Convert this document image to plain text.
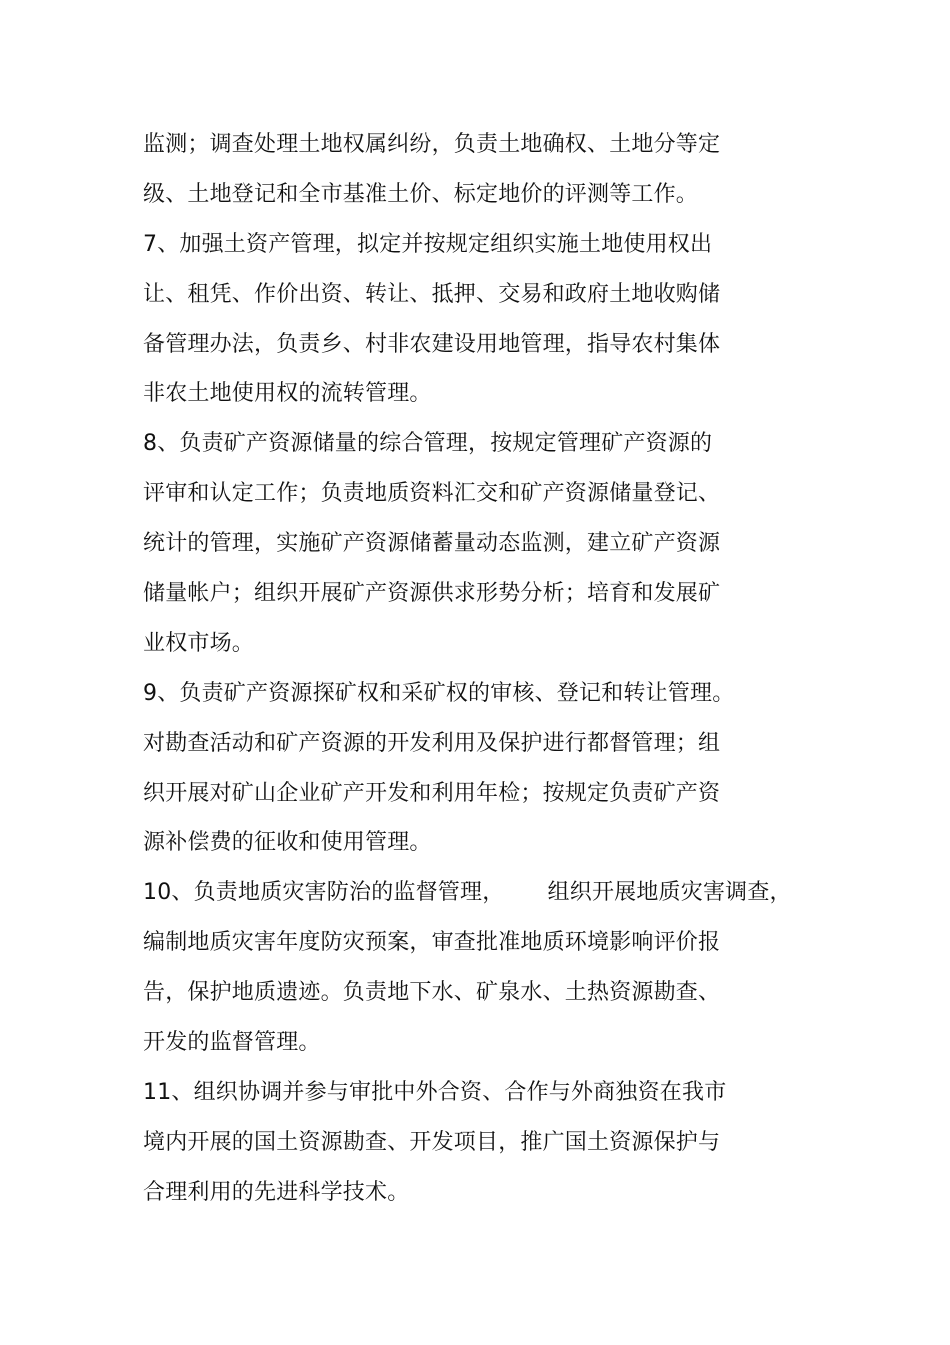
监测；调查处理土地权属纠纷，负责土地确权、土地分等定
级、土地登记和全市基准土价、标定地价的评测等工作。
7、加强土资产管理，拟定并按规定组织实施土地使用权出
让、租凭、作价出资、转让、抵押、交易和政府土地收购储
备管理办法，负责乡、村非农建设用地管理，指导农村集体
非农土地使用权的流转管理。
8、负责矿产资源储量的综合管理，按规定管理矿产资源的
评审和认定工作；负责地质资料汇交和矿产资源储量登记、
统计的管理，实施矿产资源储蓄量动态监测，建立矿产资源
储量帐户；组织开展矿产资源供求形势分析；培育和发展矿
业权市场。
9、负责矿产资源探矿权和采矿权的审核、登记和转让管理。
对勘查活动和矿产资源的开发利用及保护进行都督管理；组
织开展对矿山企业矿产开发和利用年检；按规定负责矿产资
源补偿费的征收和使用管理。
10、负责地质灾害防治的监督管理，      组织开展地质灾害调查，
编制地质灾害年度防灾预案，审查批准地质环境影响评价报
告，保护地质遗迹。负责地下水、矿泉水、土热资源勘查、
开发的监督管理。
11、组织协调并参与审批中外合资、合作与外商独资在我市
境内开展的国土资源勘查、开发项目，推广国土资源保护与
合理利用的先进科学技术。
